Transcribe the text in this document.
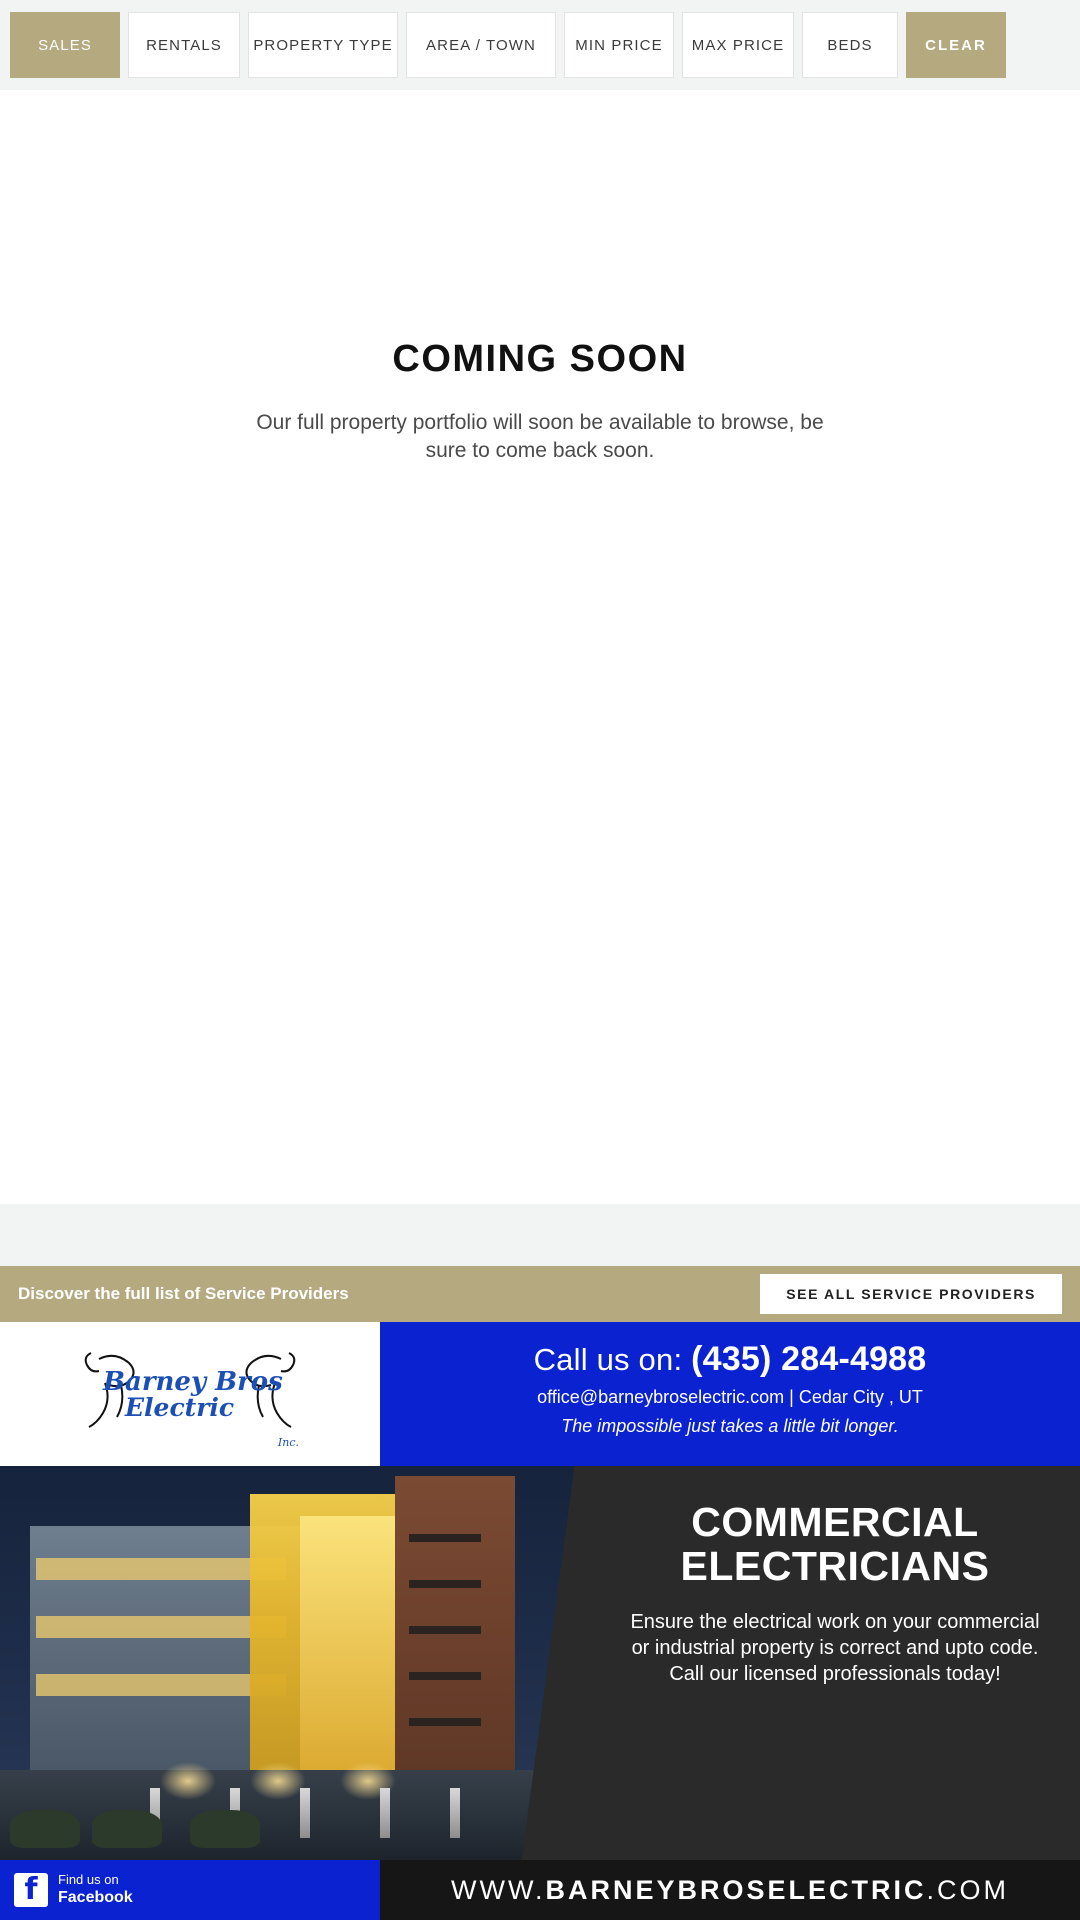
SALES	RENTALS PROPERTY TYPE AREA / TOWN	MIN PRICE MAX PRICE	BEDS	CLEAR
COMING SOON
Our full property portfolio will soon be available to browse, be sure to come back soon.
Discover the full list of Service Providers	SEE ALL SERVICE PROVIDERS
Barney Bros
Electric
Inc.
Call us on: (435) 284-4988
office@barneybroselectric.com | Cedar City , UT
The impossible just takes a little bit longer.
COMMERCIAL ELECTRICIANS
Ensure the electrical work on your commercial or industrial property is correct and upto code. Call our licensed professionals today!
f	Find us on
Facebook	WWW. BARNEYBROSELECTRIC .COM
